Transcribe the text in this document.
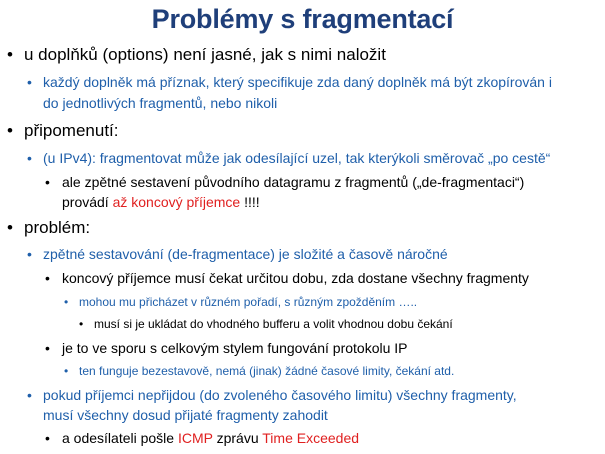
Problémy s fragmentací
• u doplňků (options) není jasné, jak s nimi naložit
• každý doplněk má příznak, který specifikuje zda daný doplněk má být zkopírován i
do jednotlivých fragmentů, nebo nikoli
• připomenutí:
• (u IPv4): fragmentovat může jak odesílající uzel, tak kterýkoli směrovač „po cestě“
• ale zpětné sestavení původního datagramu z fragmentů („de-fragmentaci“)
provádí až koncový příjemce !!!!
• problém:
• zpětné sestavování (de-fragmentace) je složité a časově náročné
• koncový příjemce musí čekat určitou dobu, zda dostane všechny fragmenty
• mohou mu přicházet v různém pořadí, s různým zpožděním …..
• musí si je ukládat do vhodného bufferu a volit vhodnou dobu čekání
• je to ve sporu s celkovým stylem fungování protokolu IP
• ten funguje bezestavově, nemá (jinak) žádné časové limity, čekání atd.
• pokud příjemci nepřijdou (do zvoleného časového limitu) všechny fragmenty,
musí všechny dosud přijaté fragmenty zahodit
• a odesílateli pošle ICMP zprávu Time Exceeded
